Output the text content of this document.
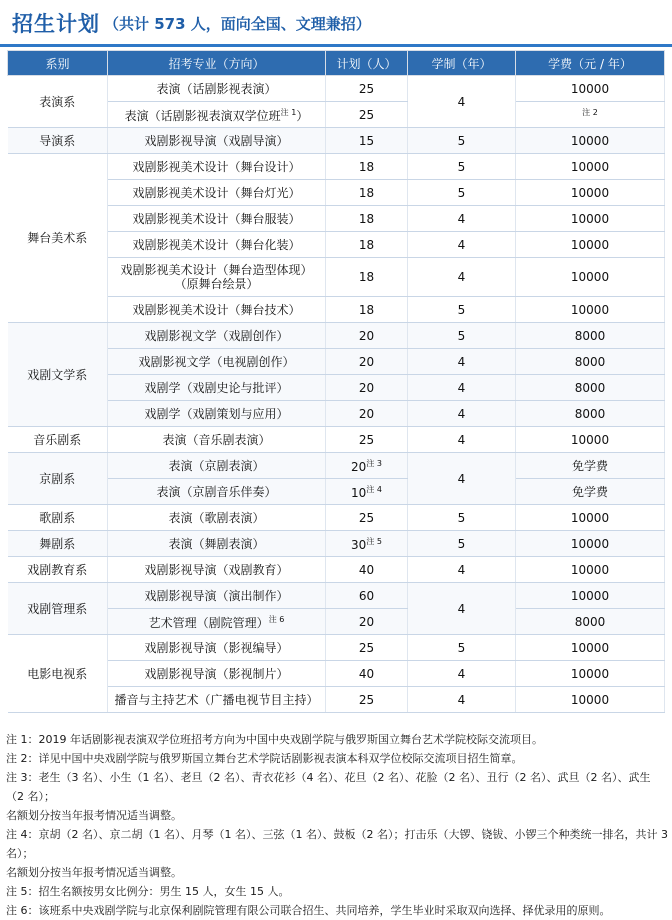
招生计划 （共计 573 人，面向全国、文理兼招）
系别	招考专业（方向）	计划（人）	学制（年）	学费（元 / 年）
表演系	表演（话剧影视表演）	25	4	10000
	表演（话剧影视表演双学位班$^{注 1}$）	25		$^{注 2}$
导演系	戏剧影视导演（戏剧导演）	15	5	10000
舞台美术系	戏剧影视美术设计（舞台设计）	18	5	10000
	戏剧影视美术设计（舞台灯光）	18	5	10000
	戏剧影视美术设计（舞台服装）	18	4	10000
	戏剧影视美术设计（舞台化装）	18	4	10000

	戏剧影视美术设计（舞台造型体现）
（原舞台绘景）	18	4	10000
	戏剧影视美术设计（舞台技术）	18	5	10000
戏剧文学系	戏剧影视文学（戏剧创作）	20	5	8000
	戏剧影视文学（电视剧创作）	20	4	8000
	戏剧学（戏剧史论与批评）	20	4	8000
	戏剧学（戏剧策划与应用）	20	4	8000
音乐剧系	表演（音乐剧表演）	25	4	10000
京剧系	表演（京剧表演）	$20^{注 3}$	4	免学费
	表演（京剧音乐伴奏）	$10^{注 4}$		免学费
歌剧系	表演（歌剧表演）	25	5	10000
舞剧系	表演（舞剧表演）	$30^{注 5}$	5	10000
戏剧教育系	戏剧影视导演（戏剧教育）	40	4	10000
戏剧管理系	戏剧影视导演（演出制作）	60	4	10000
	艺术管理（剧院管理）$^{注 6}$	20		8000
电影电视系	戏剧影视导演（影视编导）	25	5	10000
	戏剧影视导演（影视制片）	40	4	10000
	播音与主持艺术（广播电视节目主持）	25	4	10000

注 1：2019 年话剧影视表演双学位班招考方向为中国中央戏剧学院与俄罗斯国立舞台艺术学院校际交流项目。

注 2：详见中国中央戏剧学院与俄罗斯国立舞台艺术学院话剧影视表演本科双学位校际交流项目招生简章。

注 3：老生（3 名）、小生（1 名）、老旦（2 名）、青衣花衫（4 名）、花旦（2 名）、花脸（2 名）、丑行（2 名）、武旦（2 名）、武生（2 名）；

名额划分按当年报考情况适当调整。

注 4：京胡（2 名）、京二胡（1 名）、月琴（1 名）、三弦（1 名）、鼓板（2 名）；打击乐（大锣、铙钹、小锣三个种类统一排名，共计 3 名）；

名额划分按当年报考情况适当调整。

注 5：招生名额按男女比例分：男生 15 人，女生 15 人。

注 6：该班系中央戏剧学院与北京保利剧院管理有限公司联合招生、共同培养，学生毕业时采取双向选择、择优录用的原则。
